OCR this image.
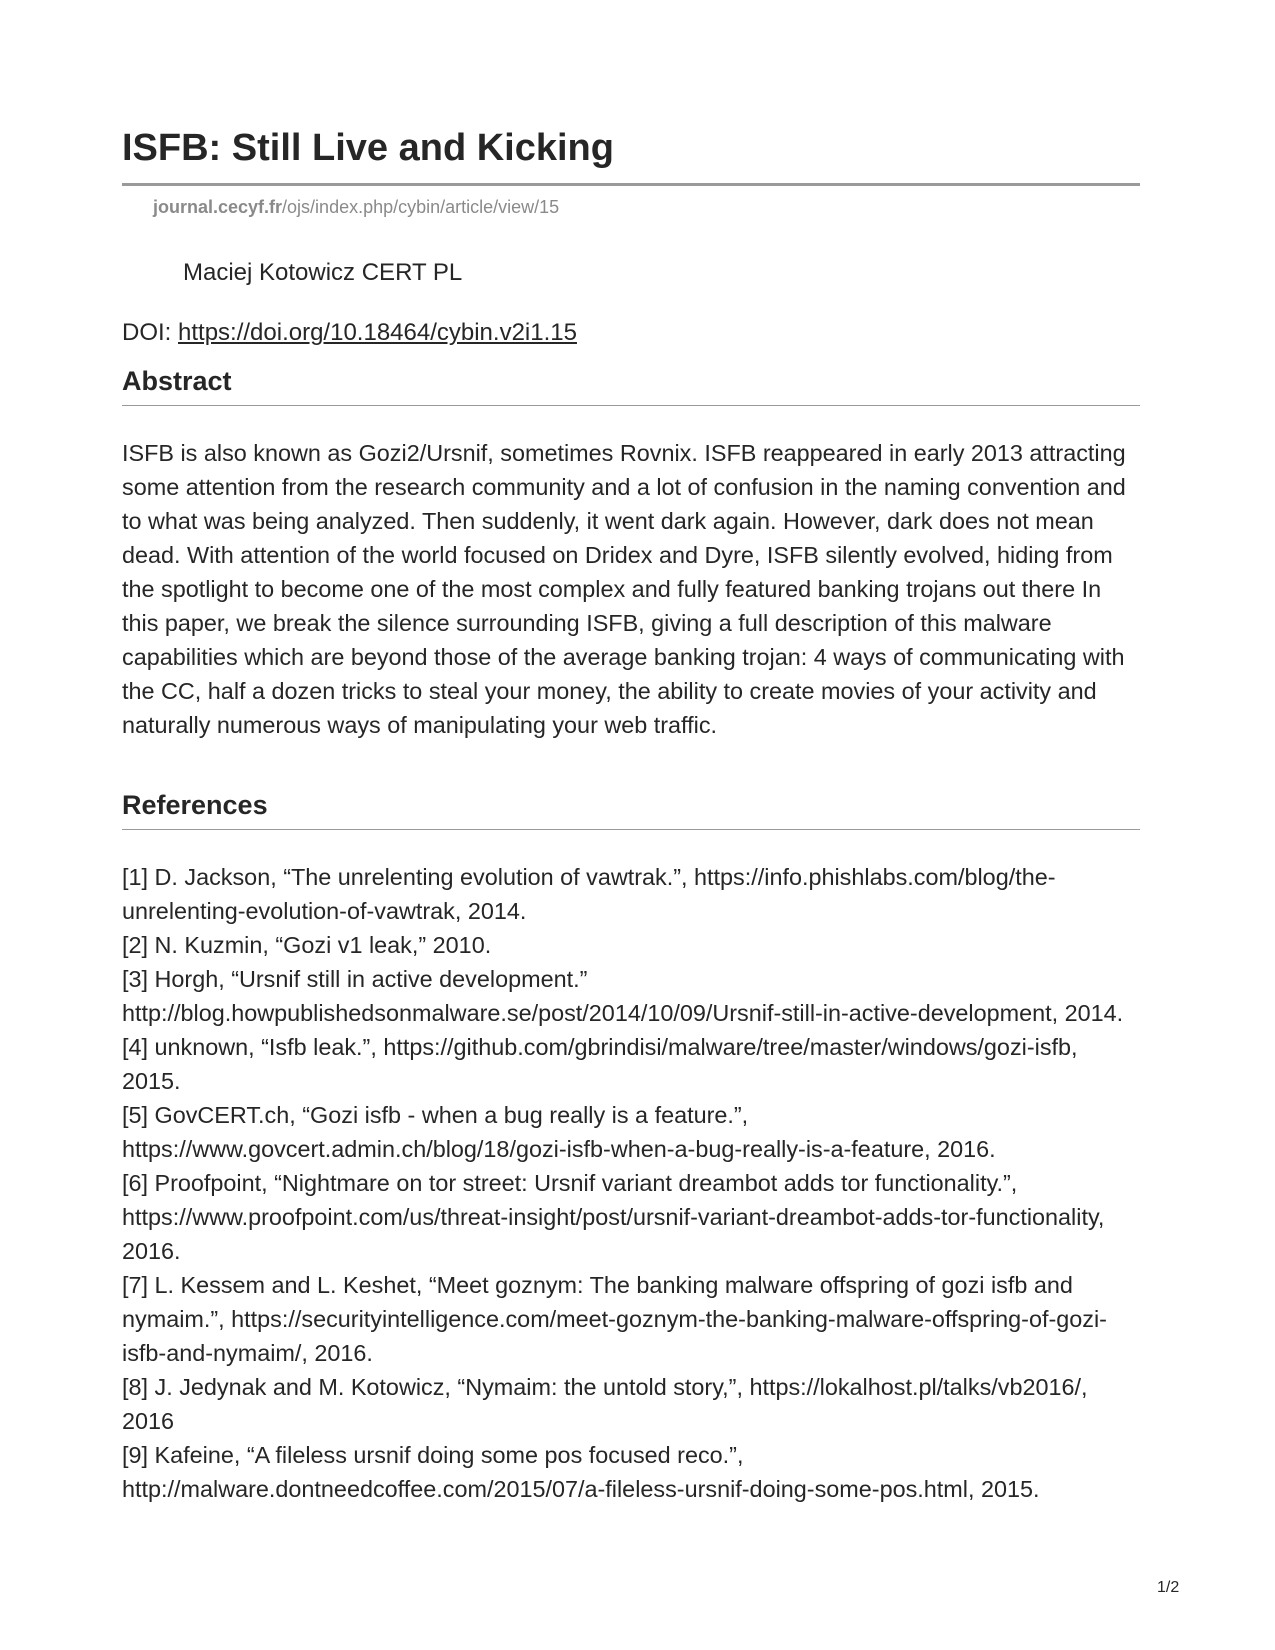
ISFB: Still Live and Kicking
journal.cecyf.fr/ojs/index.php/cybin/article/view/15
Maciej Kotowicz CERT PL
DOI: https://doi.org/10.18464/cybin.v2i1.15
Abstract

ISFB is also known as Gozi2/Ursnif, sometimes Rovnix. ISFB reappeared in early 2013 attracting some attention from the research community and a lot of confusion in the naming convention and to what was being analyzed. Then suddenly, it went dark again. However, dark does not mean dead. With attention of the world focused on Dridex and Dyre, ISFB silently evolved, hiding from the spotlight to become one of the most complex and fully featured banking trojans out there In this paper, we break the silence surrounding ISFB, giving a full description of this malware capabilities which are beyond those of the average banking trojan: 4 ways of communicating with the CC, half a dozen tricks to steal your money, the ability to create movies of your activity and naturally numerous ways of manipulating your web traffic.

References
[1] D. Jackson, “The unrelenting evolution of vawtrak.”, https://info.phishlabs.com/blog/the-unrelenting-evolution-of-vawtrak, 2014.
[2] N. Kuzmin, “Gozi v1 leak,” 2010.
[3] Horgh, “Ursnif still in active development.” http://blog.howpublishedsonmalware.se/post/2014/10/09/Ursnif-still-in-active-development, 2014.
[4] unknown, “Isfb leak.”, https://github.com/gbrindisi/malware/tree/master/windows/gozi-isfb, 2015.
[5] GovCERT.ch, “Gozi isfb - when a bug really is a feature.”, https://www.govcert.admin.ch/blog/18/gozi-isfb-when-a-bug-really-is-a-feature, 2016.
[6] Proofpoint, “Nightmare on tor street: Ursnif variant dreambot adds tor functionality.”, https://www.proofpoint.com/us/threat-insight/post/ursnif-variant-dreambot-adds-tor-functionality, 2016.
[7] L. Kessem and L. Keshet, “Meet goznym: The banking malware offspring of gozi isfb and nymaim.”, https://securityintelligence.com/meet-goznym-the-banking-malware-offspring-of-gozi-isfb-and-nymaim/, 2016.
[8] J. Jedynak and M. Kotowicz, “Nymaim: the untold story,”, https://lokalhost.pl/talks/vb2016/, 2016
[9] Kafeine, “A fileless ursnif doing some pos focused reco.”, http://malware.dontneedcoffee.com/2015/07/a-fileless-ursnif-doing-some-pos.html, 2015.
1/2
